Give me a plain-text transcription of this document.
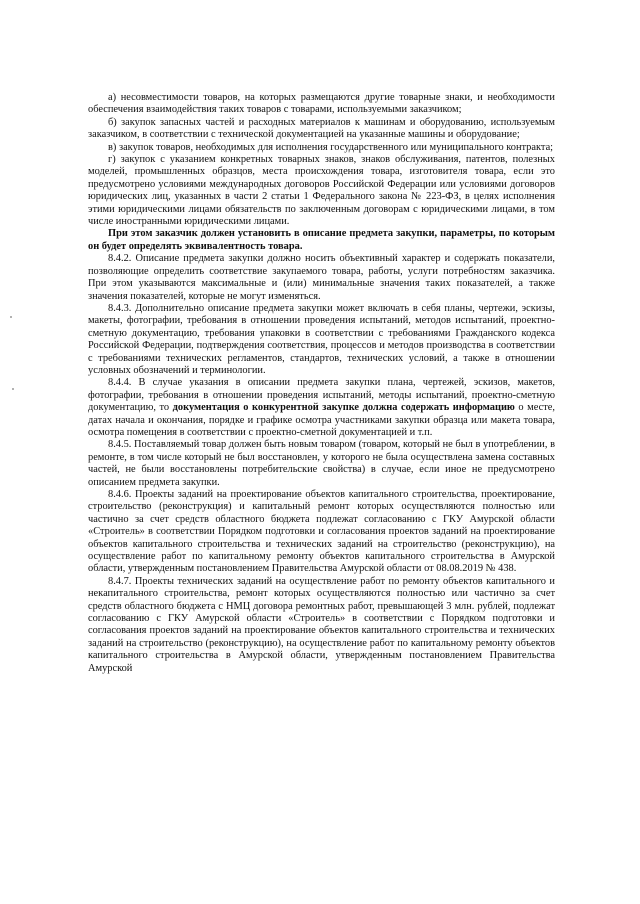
а) несовместимости товаров, на которых размещаются другие товарные знаки, и необходимости обеспечения взаимодействия таких товаров с товарами, используемыми заказчиком;

б) закупок запасных частей и расходных материалов к машинам и оборудованию, используемым заказчиком, в соответствии с технической документацией на указанные машины и оборудование;

в) закупок товаров, необходимых для исполнения государственного или муниципального контракта;

г) закупок с указанием конкретных товарных знаков, знаков обслуживания, патентов, полезных моделей, промышленных образцов, места происхождения товара, изготовителя товара, если это предусмотрено условиями международных договоров Российской Федерации или условиями договоров юридических лиц, указанных в части 2 статьи 1 Федерального закона № 223-ФЗ, в целях исполнения этими юридическими лицами обязательств по заключенным договорам с юридическими лицами, в том числе иностранными юридическими лицами.

При этом заказчик должен установить в описание предмета закупки, параметры, по которым он будет определять эквивалентность товара.

8.4.2. Описание предмета закупки должно носить объективный характер и содержать показатели, позволяющие определить соответствие закупаемого товара, работы, услуги потребностям заказчика. При этом указываются максимальные и (или) минимальные значения таких показателей, а также значения показателей, которые не могут изменяться.

8.4.3. Дополнительно описание предмета закупки может включать в себя планы, чертежи, эскизы, макеты, фотографии, требования в отношении проведения испытаний, методов испытаний, проектно-сметную документацию, требования упаковки в соответствии с требованиями Гражданского кодекса Российской Федерации, подтверждения соответствия, процессов и методов производства в соответствии с требованиями технических регламентов, стандартов, технических условий, а также в отношении условных обозначений и терминологии.

8.4.4. В случае указания в описании предмета закупки плана, чертежей, эскизов, макетов, фотографии, требования в отношении проведения испытаний, методы испытаний, проектно-сметную документацию, то документация о конкурентной закупке должна содержать информацию о месте, датах начала и окончания, порядке и графике осмотра участниками закупки образца или макета товара, осмотра помещения в соответствии с проектно-сметной документацией и т.п.

8.4.5. Поставляемый товар должен быть новым товаром (товаром, который не был в употреблении, в ремонте, в том числе который не был восстановлен, у которого не была осуществлена замена составных частей, не были восстановлены потребительские свойства) в случае, если иное не предусмотрено описанием предмета закупки.

8.4.6. Проекты заданий на проектирование объектов капитального строительства, проектирование, строительство (реконструкция) и капитальный ремонт которых осуществляются полностью или частично за счет средств областного бюджета подлежат согласованию с ГКУ Амурской области «Строитель» в соответствии Порядком подготовки и согласования проектов заданий на проектирование объектов капитального строительства и технических заданий на строительство (реконструкцию), на осуществление работ по капитальному ремонту объектов капитального строительства в Амурской области, утвержденным постановлением Правительства Амурской области от 08.08.2019 № 438.

8.4.7. Проекты технических заданий на осуществление работ по ремонту объектов капитального и некапитального строительства, ремонт которых осуществляются полностью или частично за счет средств областного бюджета с НМЦ договора ремонтных работ, превышающей 3 млн. рублей, подлежат согласованию с ГКУ Амурской области «Строитель» в соответствии с Порядком подготовки и согласования проектов заданий на проектирование объектов капитального строительства и технических заданий на строительство (реконструкцию), на осуществление работ по капитальному ремонту объектов капитального строительства в Амурской области, утвержденным постановлением Правительства Амурской
